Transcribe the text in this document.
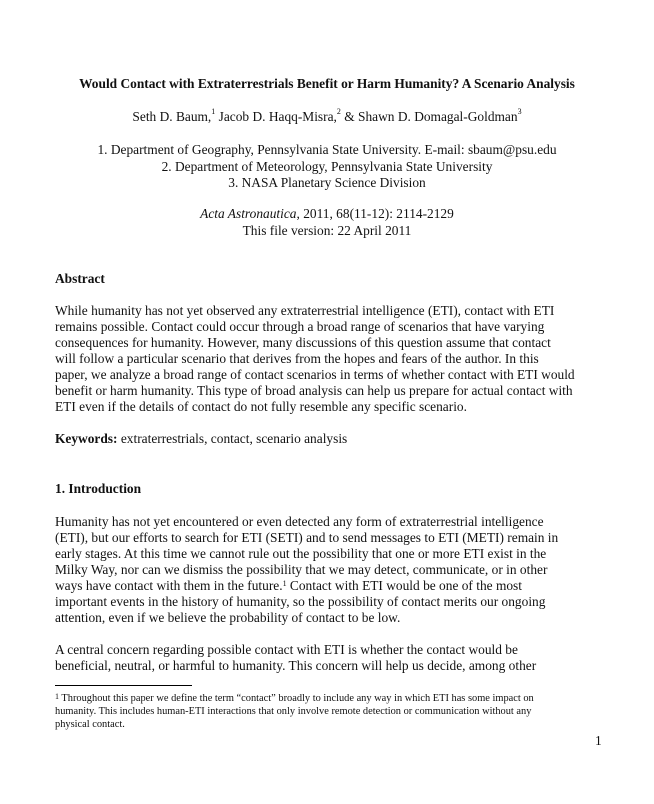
Would Contact with Extraterrestrials Benefit or Harm Humanity? A Scenario Analysis
Seth D. Baum,$^1$ Jacob D. Haqq-Misra,$^2$ & Shawn D. Domagal-Goldman$^3$
1. Department of Geography, Pennsylvania State University. E-mail: sbaum@psu.edu
2. Department of Meteorology, Pennsylvania State University
3. NASA Planetary Science Division
Acta Astronautica, 2011, 68(11-12): 2114-2129
This file version: 22 April 2011
Abstract
While humanity has not yet observed any extraterrestrial intelligence (ETI), contact with ETI
remains possible. Contact could occur through a broad range of scenarios that have varying
consequences for humanity. However, many discussions of this question assume that contact
will follow a particular scenario that derives from the hopes and fears of the author. In this
paper, we analyze a broad range of contact scenarios in terms of whether contact with ETI would
benefit or harm humanity. This type of broad analysis can help us prepare for actual contact with
ETI even if the details of contact do not fully resemble any specific scenario.
Keywords: extraterrestrials, contact, scenario analysis
1. Introduction
Humanity has not yet encountered or even detected any form of extraterrestrial intelligence
(ETI), but our efforts to search for ETI (SETI) and to send messages to ETI (METI) remain in
early stages. At this time we cannot rule out the possibility that one or more ETI exist in the
Milky Way, nor can we dismiss the possibility that we may detect, communicate, or in other
ways have contact with them in the future.$^1$ Contact with ETI would be one of the most
important events in the history of humanity, so the possibility of contact merits our ongoing
attention, even if we believe the probability of contact to be low.
A central concern regarding possible contact with ETI is whether the contact would be
beneficial, neutral, or harmful to humanity. This concern will help us decide, among other
$^1$ Throughout this paper we define the term “contact” broadly to include any way in which ETI has some impact on
humanity. This includes human-ETI interactions that only involve remote detection or communication without any
physical contact.
1
